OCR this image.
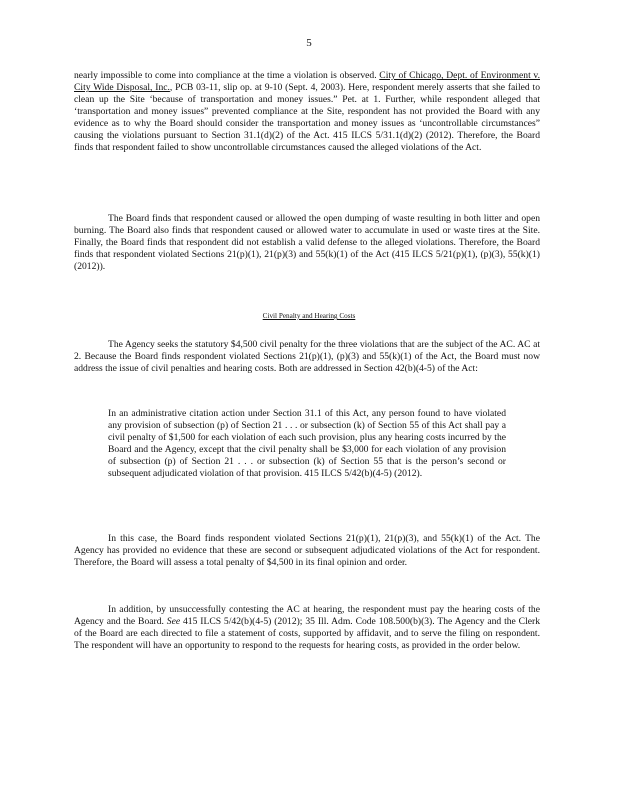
5

nearly impossible to come into compliance at the time a violation is observed. City of Chicago, Dept. of Environment v. City Wide Disposal, Inc., PCB 03-11, slip op. at 9-10 (Sept. 4, 2003). Here, respondent merely asserts that she failed to clean up the Site ‘because of transportation and money issues.” Pet. at 1. Further, while respondent alleged that ‘transportation and money issues” prevented compliance at the Site, respondent has not provided the Board with any evidence as to why the Board should consider the transportation and money issues as ‘uncontrollable circumstances” causing the violations pursuant to Section 31.1(d)(2) of the Act. 415 ILCS 5/31.1(d)(2) (2012). Therefore, the Board finds that respondent failed to show uncontrollable circumstances caused the alleged violations of the Act.

The Board finds that respondent caused or allowed the open dumping of waste resulting in both litter and open burning. The Board also finds that respondent caused or allowed water to accumulate in used or waste tires at the Site. Finally, the Board finds that respondent did not establish a valid defense to the alleged violations. Therefore, the Board finds that respondent violated Sections 21(p)(1), 21(p)(3) and 55(k)(1) of the Act (415 ILCS 5/21(p)(1), (p)(3), 55(k)(1) (2012)).

Civil Penalty and Hearing Costs

The Agency seeks the statutory $4,500 civil penalty for the three violations that are the subject of the AC. AC at 2. Because the Board finds respondent violated Sections 21(p)(1), (p)(3) and 55(k)(1) of the Act, the Board must now address the issue of civil penalties and hearing costs. Both are addressed in Section 42(b)(4-5) of the Act:

In an administrative citation action under Section 31.1 of this Act, any person found to have violated any provision of subsection (p) of Section 21 . . . or subsection (k) of Section 55 of this Act shall pay a civil penalty of $1,500 for each violation of each such provision, plus any hearing costs incurred by the Board and the Agency, except that the civil penalty shall be $3,000 for each violation of any provision of subsection (p) of Section 21 . . . or subsection (k) of Section 55 that is the person’s second or subsequent adjudicated violation of that provision. 415 ILCS 5/42(b)(4-5) (2012).

In this case, the Board finds respondent violated Sections 21(p)(1), 21(p)(3), and 55(k)(1) of the Act. The Agency has provided no evidence that these are second or subsequent adjudicated violations of the Act for respondent. Therefore, the Board will assess a total penalty of $4,500 in its final opinion and order.

In addition, by unsuccessfully contesting the AC at hearing, the respondent must pay the hearing costs of the Agency and the Board. See 415 ILCS 5/42(b)(4-5) (2012); 35 Ill. Adm. Code 108.500(b)(3). The Agency and the Clerk of the Board are each directed to file a statement of costs, supported by affidavit, and to serve the filing on respondent. The respondent will have an opportunity to respond to the requests for hearing costs, as provided in the order below.
